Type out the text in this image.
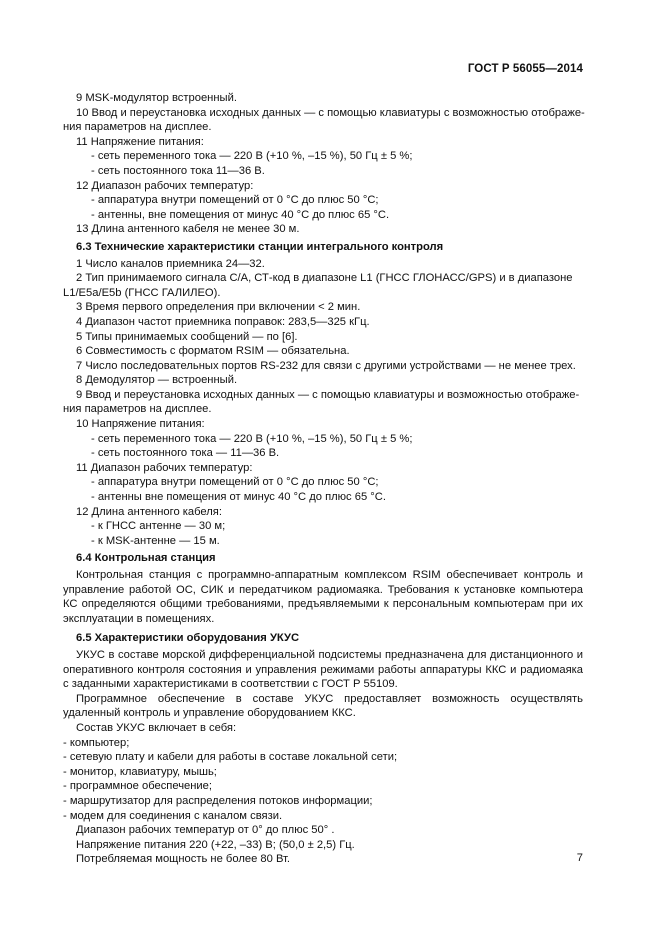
ГОСТ Р 56055—2014
9 MSK-модулятор встроенный.
10 Ввод и переустановка исходных данных — с помощью клавиатуры с возможностью отображе-
ния параметров на дисплее.
11 Напряжение питания:
- сеть переменного тока — 220 В (+10 %, –15 %), 50 Гц ± 5 %;
- сеть постоянного тока 11—36 В.
12 Диапазон рабочих температур:
- аппаратура внутри помещений от 0 °С до плюс 50 °С;
- антенны, вне помещения от минус 40 °С до плюс 65 °С.
13 Длина антенного кабеля не менее 30 м.
6.3 Технические характеристики станции интегрального контроля
1 Число каналов приемника 24—32.
2 Тип принимаемого сигнала С/А, СТ-код в диапазоне L1 (ГНСС ГЛОНАСС/GPS) и в диапазоне
L1/E5a/E5b (ГНСС ГАЛИЛЕО).
3 Время первого определения при включении < 2 мин.
4 Диапазон частот приемника поправок: 283,5—325 кГц.
5 Типы принимаемых сообщений — по [6].
6 Совместимость с форматом RSIM — обязательна.
7 Число последовательных портов RS-232 для связи с другими устройствами — не менее трех.
8 Демодулятор — встроенный.
9 Ввод и переустановка исходных данных — с помощью клавиатуры и возможностью отображе-
ния параметров на дисплее.
10 Напряжение питания:
- сеть переменного тока — 220 В (+10 %, –15 %), 50 Гц ± 5 %;
- сеть постоянного тока — 11—36 В.
11 Диапазон рабочих температур:
- аппаратура внутри помещений от 0 °С до плюс 50 °С;
- антенны вне помещения от минус 40 °С до плюс 65 °С.
12 Длина антенного кабеля:
- к ГНСС антенне — 30 м;
- к MSK-антенне — 15 м.
6.4 Контрольная станция

Контрольная станция с программно-аппаратным комплексом RSIM обеспечивает контроль и управление работой ОС, СИК и передатчиком радиомаяка. Требования к установке компьютера КС определяются общими требованиями, предъявляемыми к персональным компьютерам при их эксплуатации в помещениях.

6.5 Характеристики оборудования УКУС

УКУС в составе морской дифференциальной подсистемы предназначена для дистанционного и оперативного контроля состояния и управления режимами работы аппаратуры ККС и радиомаяка с заданными характеристиками в соответствии с ГОСТ Р 55109.

Программное обеспечение в составе УКУС предоставляет возможность осуществлять удаленный контроль и управление оборудованием ККС.

Состав УКУС включает в себя:
- компьютер;
- сетевую плату и кабели для работы в составе локальной сети;
- монитор, клавиатуру, мышь;
- программное обеспечение;
- маршрутизатор для распределения потоков информации;
- модем для соединения с каналом связи.
Диапазон рабочих температур от 0° до плюс 50° .
Напряжение питания 220 (+22, –33) В; (50,0 ± 2,5) Гц.
Потребляемая мощность не более 80 Вт.	7
